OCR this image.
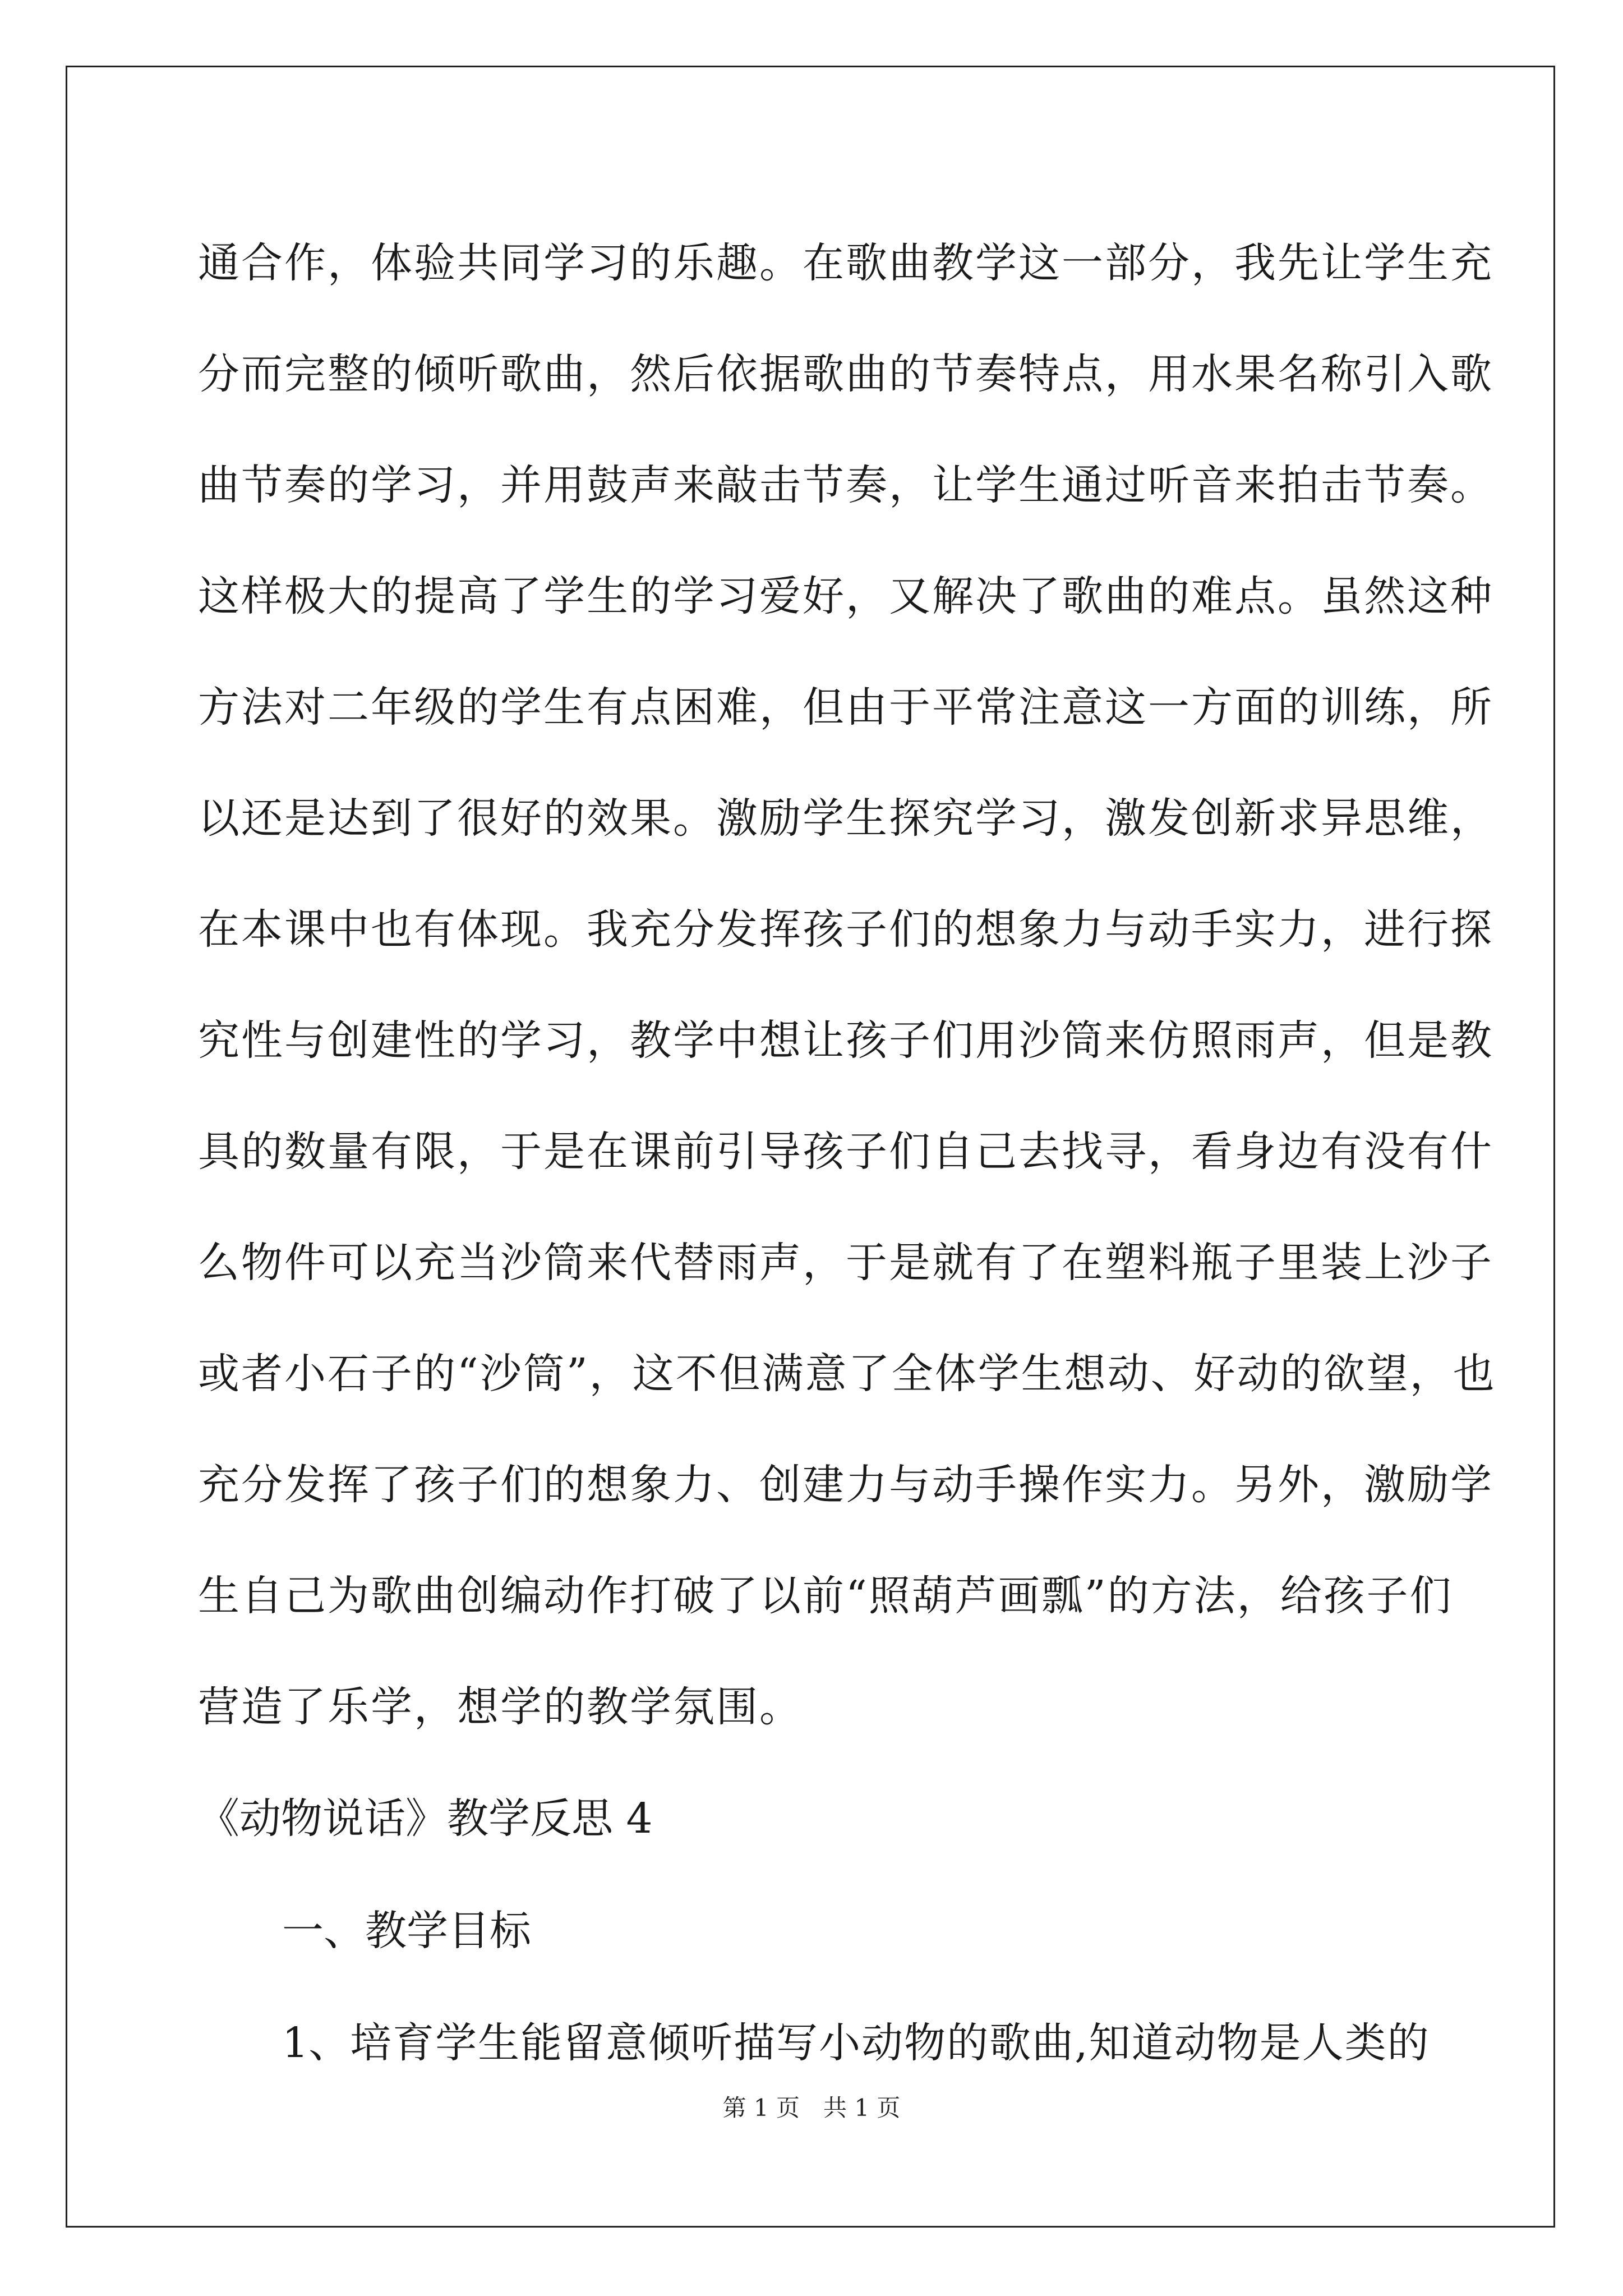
通合作，体验共同学习的乐趣。在歌曲教学这一部分，我先让学生充
分而完整的倾听歌曲，然后依据歌曲的节奏特点，用水果名称引入歌
曲节奏的学习，并用鼓声来敲击节奏，让学生通过听音来拍击节奏。
这样极大的提高了学生的学习爱好，又解决了歌曲的难点。虽然这种
方法对二年级的学生有点困难，但由于平常注意这一方面的训练，所
以还是达到了很好的效果。激励学生探究学习，激发创新求异思维，
在本课中也有体现。我充分发挥孩子们的想象力与动手实力，进行探
究性与创建性的学习，教学中想让孩子们用沙筒来仿照雨声，但是教
具的数量有限，于是在课前引导孩子们自己去找寻，看身边有没有什
么物件可以充当沙筒来代替雨声，于是就有了在塑料瓶子里装上沙子
或者小石子的“沙筒”，这不但满意了全体学生想动、好动的欲望，也
充分发挥了孩子们的想象力、创建力与动手操作实力。另外，激励学
生自己为歌曲创编动作打破了以前“照葫芦画瓢”的方法，给孩子们
营造了乐学，想学的教学氛围。
《动物说话》教学反思 4
一、教学目标
1、 培育学生能留意倾听描写小动物的歌曲,知道动物是人类的
第 1 页　共 1 页
